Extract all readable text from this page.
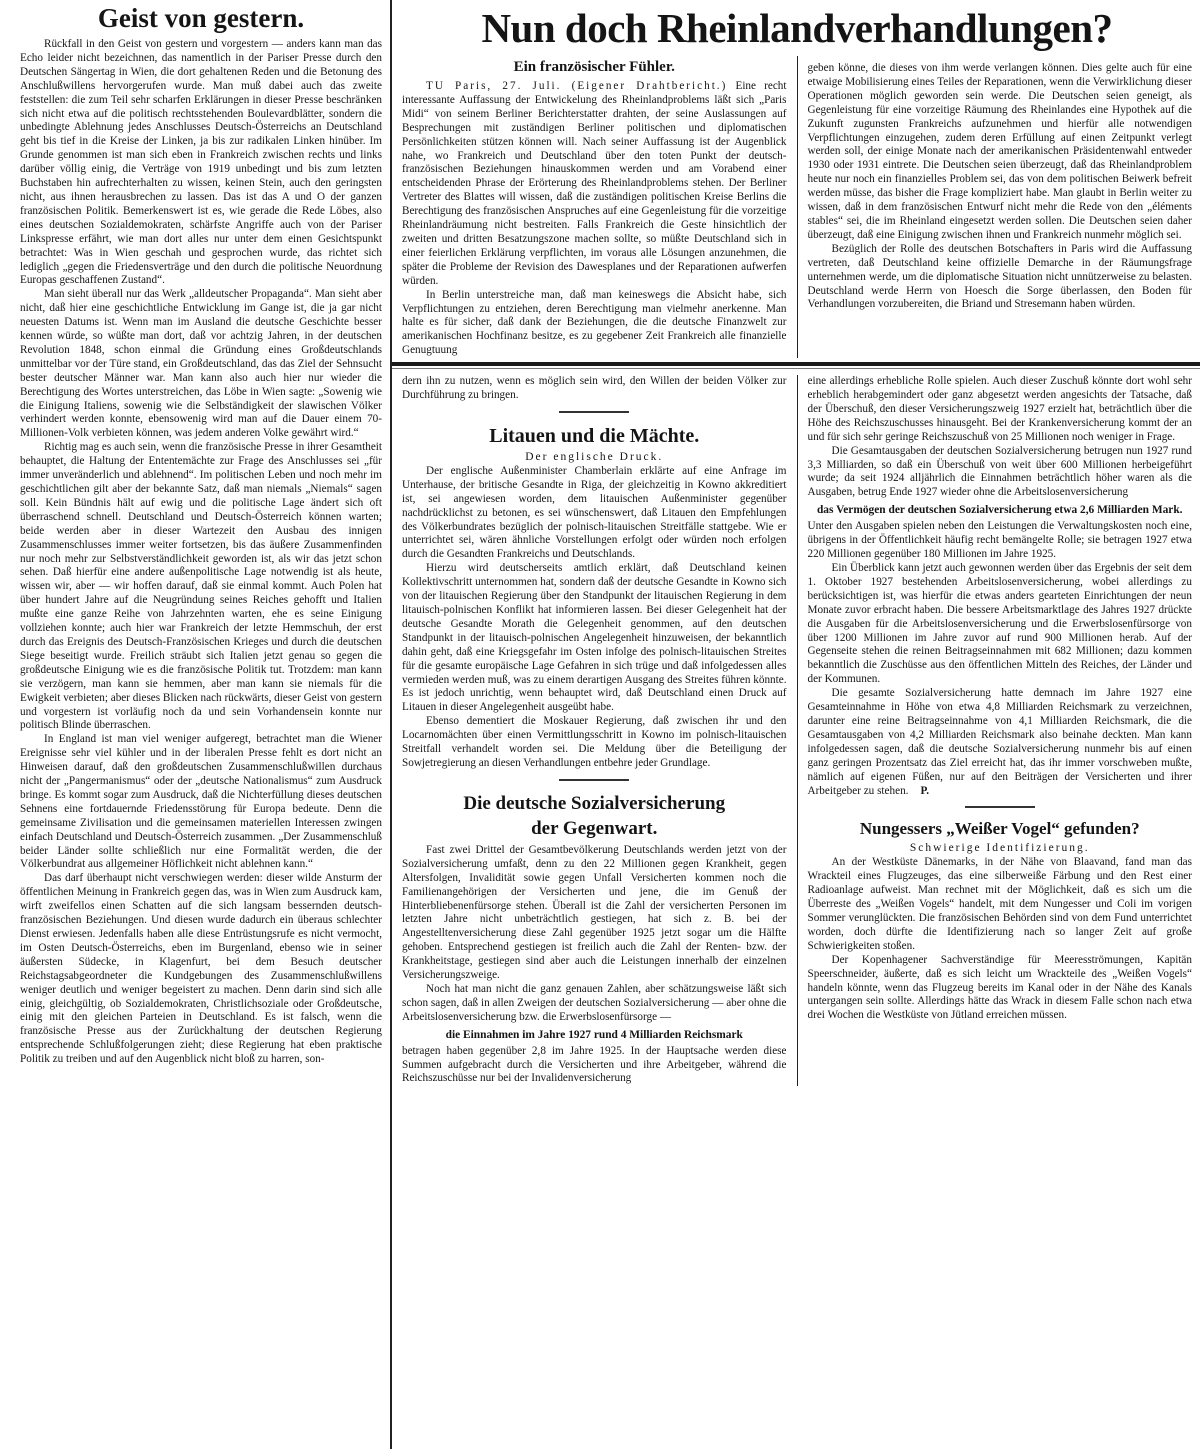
Geist von gestern.

Rückfall in den Geist von gestern und vorgestern — anders kann man das Echo leider nicht bezeichnen, das namentlich in der Pariser Presse durch den Deutschen Sängertag in Wien, die dort gehaltenen Reden und die Betonung des Anschlußwillens hervorgerufen wurde. Man muß dabei auch das zweite feststellen: die zum Teil sehr scharfen Erklärungen in dieser Presse beschränken sich nicht etwa auf die politisch rechtsstehenden Boulevardblätter, sondern die unbedingte Ablehnung jedes Anschlusses Deutsch-Österreichs an Deutschland geht bis tief in die Kreise der Linken, ja bis zur radikalen Linken hinüber. Im Grunde genommen ist man sich eben in Frankreich zwischen rechts und links darüber völlig einig, die Verträge von 1919 unbedingt und bis zum letzten Buchstaben hin aufrechterhalten zu wissen, keinen Stein, auch den geringsten nicht, aus ihnen herausbrechen zu lassen. Das ist das A und O der ganzen französischen Politik. Bemerkenswert ist es, wie gerade die Rede Löbes, also eines deutschen Sozialdemokraten, schärfste Angriffe auch von der Pariser Linkspresse erfährt, wie man dort alles nur unter dem einen Gesichtspunkt betrachtet: Was in Wien geschah und gesprochen wurde, das richtet sich lediglich „gegen die Friedensverträge und den durch die politische Neuordnung Europas geschaffenen Zustand“.

Man sieht überall nur das Werk „alldeutscher Propaganda“. Man sieht aber nicht, daß hier eine geschichtliche Entwicklung im Gange ist, die ja gar nicht neuesten Datums ist. Wenn man im Ausland die deutsche Geschichte besser kennen würde, so wüßte man dort, daß vor achtzig Jahren, in der deutschen Revolution 1848, schon einmal die Gründung eines Großdeutschlands unmittelbar vor der Türe stand, ein Großdeutschland, das das Ziel der Sehnsucht bester deutscher Männer war. Man kann also auch hier nur wieder die Berechtigung des Wortes unterstreichen, das Löbe in Wien sagte: „Sowenig wie die Einigung Italiens, sowenig wie die Selbständigkeit der slawischen Völker verhindert werden konnte, ebensowenig wird man auf die Dauer einem 70-Millionen-Volk verbieten können, was jedem anderen Volke gewährt wird.“

Richtig mag es auch sein, wenn die französische Presse in ihrer Gesamtheit behauptet, die Haltung der Ententemächte zur Frage des Anschlusses sei „für immer unveränderlich und ablehnend“. Im politischen Leben und noch mehr im geschichtlichen gilt aber der bekannte Satz, daß man niemals „Niemals“ sagen soll. Kein Bündnis hält auf ewig und die politische Lage ändert sich oft überraschend schnell. Deutschland und Deutsch-Österreich können warten; beide werden aber in dieser Wartezeit den Ausbau des innigen Zusammenschlusses immer weiter fortsetzen, bis das äußere Zusammenfinden nur noch mehr zur Selbstverständlichkeit geworden ist, als wir das jetzt schon sehen. Daß hierfür eine andere außenpolitische Lage notwendig ist als heute, wissen wir, aber — wir hoffen darauf, daß sie einmal kommt. Auch Polen hat über hundert Jahre auf die Neugründung seines Reiches gehofft und Italien mußte eine ganze Reihe von Jahrzehnten warten, ehe es seine Einigung vollziehen konnte; auch hier war Frankreich der letzte Hemmschuh, der erst durch das Ereignis des Deutsch-Französischen Krieges und durch die deutschen Siege beseitigt wurde. Freilich sträubt sich Italien jetzt genau so gegen die großdeutsche Einigung wie es die französische Politik tut. Trotzdem: man kann sie verzögern, man kann sie hemmen, aber man kann sie niemals für die Ewigkeit verbieten; aber dieses Blicken nach rückwärts, dieser Geist von gestern und vorgestern ist vorläufig noch da und sein Vorhandensein konnte nur politisch Blinde überraschen.

In England ist man viel weniger aufgeregt, betrachtet man die Wiener Ereignisse sehr viel kühler und in der liberalen Presse fehlt es dort nicht an Hinweisen darauf, daß den großdeutschen Zusammenschlußwillen durchaus nicht der „Pangermanismus“ oder der „deutsche Nationalismus“ zum Ausdruck bringe. Es kommt sogar zum Ausdruck, daß die Nichterfüllung dieses deutschen Sehnens eine fortdauernde Friedensstörung für Europa bedeute. Denn die gemeinsame Zivilisation und die gemeinsamen materiellen Interessen zwingen einfach Deutschland und Deutsch-Österreich zusammen. „Der Zusammenschluß beider Länder sollte schließlich nur eine Formalität werden, die der Völkerbundrat aus allgemeiner Höflichkeit nicht ablehnen kann.“

Das darf überhaupt nicht verschwiegen werden: dieser wilde Ansturm der öffentlichen Meinung in Frankreich gegen das, was in Wien zum Ausdruck kam, wirft zweifellos einen Schatten auf die sich langsam bessernden deutsch-französischen Beziehungen. Und diesen wurde dadurch ein überaus schlechter Dienst erwiesen. Jedenfalls haben alle diese Entrüstungsrufe es nicht vermocht, im Osten Deutsch-Österreichs, eben im Burgenland, ebenso wie in seiner äußersten Südecke, in Klagenfurt, bei dem Besuch deutscher Reichstagsabgeordneter die Kundgebungen des Zusammenschlußwillens weniger deutlich und weniger begeistert zu machen. Denn darin sind sich alle einig, gleichgültig, ob Sozialdemokraten, Christlichsoziale oder Großdeutsche, einig mit den gleichen Parteien in Deutschland. Es ist falsch, wenn die französische Presse aus der Zurückhaltung der deutschen Regierung entsprechende Schlußfolgerungen zieht; diese Regierung hat eben praktische Politik zu treiben und auf den Augenblick nicht bloß zu harren, son-

Nun doch Rheinlandverhandlungen?
Ein französischer Fühler.

TU Paris, 27. Juli. (Eigener Drahtbericht.) Eine recht interessante Auffassung der Entwickelung des Rheinlandproblems läßt sich „Paris Midi“ von seinem Berliner Berichterstatter drahten, der seine Auslassungen auf Besprechungen mit zuständigen Berliner politischen und diplomatischen Persönlichkeiten stützen können will. Nach seiner Auffassung ist der Augenblick nahe, wo Frankreich und Deutschland über den toten Punkt der deutsch-französischen Beziehungen hinauskommen werden und am Vorabend einer entscheidenden Phrase der Erörterung des Rheinlandproblems stehen. Der Berliner Vertreter des Blattes will wissen, daß die zuständigen politischen Kreise Berlins die Berechtigung des französischen Anspruches auf eine Gegenleistung für die vorzeitige Rheinlandräumung nicht bestreiten. Falls Frankreich die Geste hinsichtlich der zweiten und dritten Besatzungszone machen sollte, so müßte Deutschland sich in einer feierlichen Erklärung verpflichten, im voraus alle Lösungen anzunehmen, die später die Probleme der Revision des Dawesplanes und der Reparationen aufwerfen würden.

In Berlin unterstreiche man, daß man keineswegs die Absicht habe, sich Verpflichtungen zu entziehen, deren Berechtigung man vielmehr anerkenne. Man halte es für sicher, daß dank der Beziehungen, die die deutsche Finanzwelt zur amerikanischen Hochfinanz besitze, es zu gegebener Zeit Frankreich alle finanzielle Genugtuung

geben könne, die dieses von ihm werde verlangen können. Dies gelte auch für eine etwaige Mobilisierung eines Teiles der Reparationen, wenn die Verwirklichung dieser Operationen möglich geworden sein werde. Die Deutschen seien geneigt, als Gegenleistung für eine vorzeitige Räumung des Rheinlandes eine Hypothek auf die Zukunft zugunsten Frankreichs aufzunehmen und hierfür alle notwendigen Verpflichtungen einzugehen, zudem deren Erfüllung auf einen Zeitpunkt verlegt werden soll, der einige Monate nach der amerikanischen Präsidentenwahl entweder 1930 oder 1931 eintrete. Die Deutschen seien überzeugt, daß das Rheinlandproblem heute nur noch ein finanzielles Problem sei, das von dem politischen Beiwerk befreit werden müsse, das bisher die Frage kompliziert habe. Man glaubt in Berlin weiter zu wissen, daß in dem französischen Entwurf nicht mehr die Rede von den „éléments stables“ sei, die im Rheinland eingesetzt werden sollen. Die Deutschen seien daher überzeugt, daß eine Einigung zwischen ihnen und Frankreich nunmehr möglich sei.

Bezüglich der Rolle des deutschen Botschafters in Paris wird die Auffassung vertreten, daß Deutschland keine offizielle Demarche in der Räumungsfrage unternehmen werde, um die diplomatische Situation nicht unnützerweise zu belasten. Deutschland werde Herrn von Hoesch die Sorge überlassen, den Boden für Verhandlungen vorzubereiten, die Briand und Stresemann haben würden.

dern ihn zu nutzen, wenn es möglich sein wird, den Willen der beiden Völker zur Durchführung zu bringen.

Litauen und die Mächte.
Der englische Druck.

Der englische Außenminister Chamberlain erklärte auf eine Anfrage im Unterhause, der britische Gesandte in Riga, der gleichzeitig in Kowno akkreditiert ist, sei angewiesen worden, dem litauischen Außenminister gegenüber nachdrücklichst zu betonen, es sei wünschenswert, daß Litauen den Empfehlungen des Völkerbundrates bezüglich der polnisch-litauischen Streitfälle stattgebe. Wie er unterrichtet sei, wären ähnliche Vorstellungen erfolgt oder würden noch erfolgen durch die Gesandten Frankreichs und Deutschlands.

Hierzu wird deutscherseits amtlich erklärt, daß Deutschland keinen Kollektivschritt unternommen hat, sondern daß der deutsche Gesandte in Kowno sich von der litauischen Regierung über den Standpunkt der litauischen Regierung in dem litauisch-polnischen Konflikt hat informieren lassen. Bei dieser Gelegenheit hat der deutsche Gesandte Morath die Gelegenheit genommen, auf den deutschen Standpunkt in der litauisch-polnischen Angelegenheit hinzuweisen, der bekanntlich dahin geht, daß eine Kriegsgefahr im Osten infolge des polnisch-litauischen Streites für die gesamte europäische Lage Gefahren in sich trüge und daß infolgedessen alles vermieden werden muß, was zu einem derartigen Ausgang des Streites führen könnte. Es ist jedoch unrichtig, wenn behauptet wird, daß Deutschland einen Druck auf Litauen in dieser Angelegenheit ausgeübt habe.

Ebenso dementiert die Moskauer Regierung, daß zwischen ihr und den Locarnomächten über einen Vermittlungsschritt in Kowno im polnisch-litauischen Streitfall verhandelt worden sei. Die Meldung über die Beteiligung der Sowjetregierung an diesen Verhandlungen entbehre jeder Grundlage.

Die deutsche Sozialversicherung
der Gegenwart.

Fast zwei Drittel der Gesamtbevölkerung Deutschlands werden jetzt von der Sozialversicherung umfaßt, denn zu den 22 Millionen gegen Krankheit, gegen Altersfolgen, Invalidität sowie gegen Unfall Versicherten kommen noch die Familienangehörigen der Versicherten und jene, die im Genuß der Hinterbliebenenfürsorge stehen. Überall ist die Zahl der versicherten Personen im letzten Jahre nicht unbeträchtlich gestiegen, hat sich z. B. bei der Angestelltenversicherung diese Zahl gegenüber 1925 jetzt sogar um die Hälfte gehoben. Entsprechend gestiegen ist freilich auch die Zahl der Renten- bzw. der Krankheitstage, gestiegen sind aber auch die Leistungen innerhalb der einzelnen Versicherungszweige.

Noch hat man nicht die ganz genauen Zahlen, aber schätzungsweise läßt sich schon sagen, daß in allen Zweigen der deutschen Sozialversicherung — aber ohne die Arbeitslosenversicherung bzw. die Erwerbslosenfürsorge —

die Einnahmen im Jahre 1927 rund 4 Milliarden Reichsmark

betragen haben gegenüber 2,8 im Jahre 1925. In der Hauptsache werden diese Summen aufgebracht durch die Versicherten und ihre Arbeitgeber, während die Reichszuschüsse nur bei der Invalidenversicherung

eine allerdings erhebliche Rolle spielen. Auch dieser Zuschuß könnte dort wohl sehr erheblich herabgemindert oder ganz abgesetzt werden angesichts der Tatsache, daß der Überschuß, den dieser Versicherungszweig 1927 erzielt hat, beträchtlich über die Höhe des Reichszuschusses hinausgeht. Bei der Krankenversicherung kommt der an und für sich sehr geringe Reichszuschuß von 25 Millionen noch weniger in Frage.

Die Gesamtausgaben der deutschen Sozialversicherung betrugen nun 1927 rund 3,3 Milliarden, so daß ein Überschuß von weit über 600 Millionen herbeigeführt wurde; da seit 1924 alljährlich die Einnahmen beträchtlich höher waren als die Ausgaben, betrug Ende 1927 wieder ohne die Arbeitslosenversicherung

das Vermögen der deutschen Sozialversicherung etwa 2,6 Milliarden Mark.

Unter den Ausgaben spielen neben den Leistungen die Verwaltungskosten noch eine, übrigens in der Öffentlichkeit häufig recht bemängelte Rolle; sie betragen 1927 etwa 220 Millionen gegenüber 180 Millionen im Jahre 1925.

Ein Überblick kann jetzt auch gewonnen werden über das Ergebnis der seit dem 1. Oktober 1927 bestehenden Arbeitslosenversicherung, wobei allerdings zu berücksichtigen ist, was hierfür die etwas anders gearteten Einrichtungen der neun Monate zuvor erbracht haben. Die bessere Arbeitsmarktlage des Jahres 1927 drückte die Ausgaben für die Arbeitslosenversicherung und die Erwerbslosenfürsorge von über 1200 Millionen im Jahre zuvor auf rund 900 Millionen herab. Auf der Gegenseite stehen die reinen Beitragseinnahmen mit 682 Millionen; dazu kommen bekanntlich die Zuschüsse aus den öffentlichen Mitteln des Reiches, der Länder und der Kommunen.

Die gesamte Sozialversicherung hatte demnach im Jahre 1927 eine Gesamteinnahme in Höhe von etwa 4,8 Milliarden Reichsmark zu verzeichnen, darunter eine reine Beitragseinnahme von 4,1 Milliarden Reichsmark, die die Gesamtausgaben von 4,2 Milliarden Reichsmark also beinahe deckten. Man kann infolgedessen sagen, daß die deutsche Sozialversicherung nunmehr bis auf einen ganz geringen Prozentsatz das Ziel erreicht hat, das ihr immer vorschweben mußte, nämlich auf eigenen Füßen, nur auf den Beiträgen der Versicherten und ihrer Arbeitgeber zu stehen. P.

Nungessers „Weißer Vogel“ gefunden?
Schwierige Identifizierung.

An der Westküste Dänemarks, in der Nähe von Blaavand, fand man das Wrackteil eines Flugzeuges, das eine silberweiße Färbung und den Rest einer Radioanlage aufweist. Man rechnet mit der Möglichkeit, daß es sich um die Überreste des „Weißen Vogels“ handelt, mit dem Nungesser und Coli im vorigen Sommer verunglückten. Die französischen Behörden sind von dem Fund unterrichtet worden, doch dürfte die Identifizierung nach so langer Zeit auf große Schwierigkeiten stoßen.

Der Kopenhagener Sachverständige für Meeresströmungen, Kapitän Speerschneider, äußerte, daß es sich leicht um Wrackteile des „Weißen Vogels“ handeln könnte, wenn das Flugzeug bereits im Kanal oder in der Nähe des Kanals untergangen sein sollte. Allerdings hätte das Wrack in diesem Falle schon nach etwa drei Wochen die Westküste von Jütland erreichen müssen.
